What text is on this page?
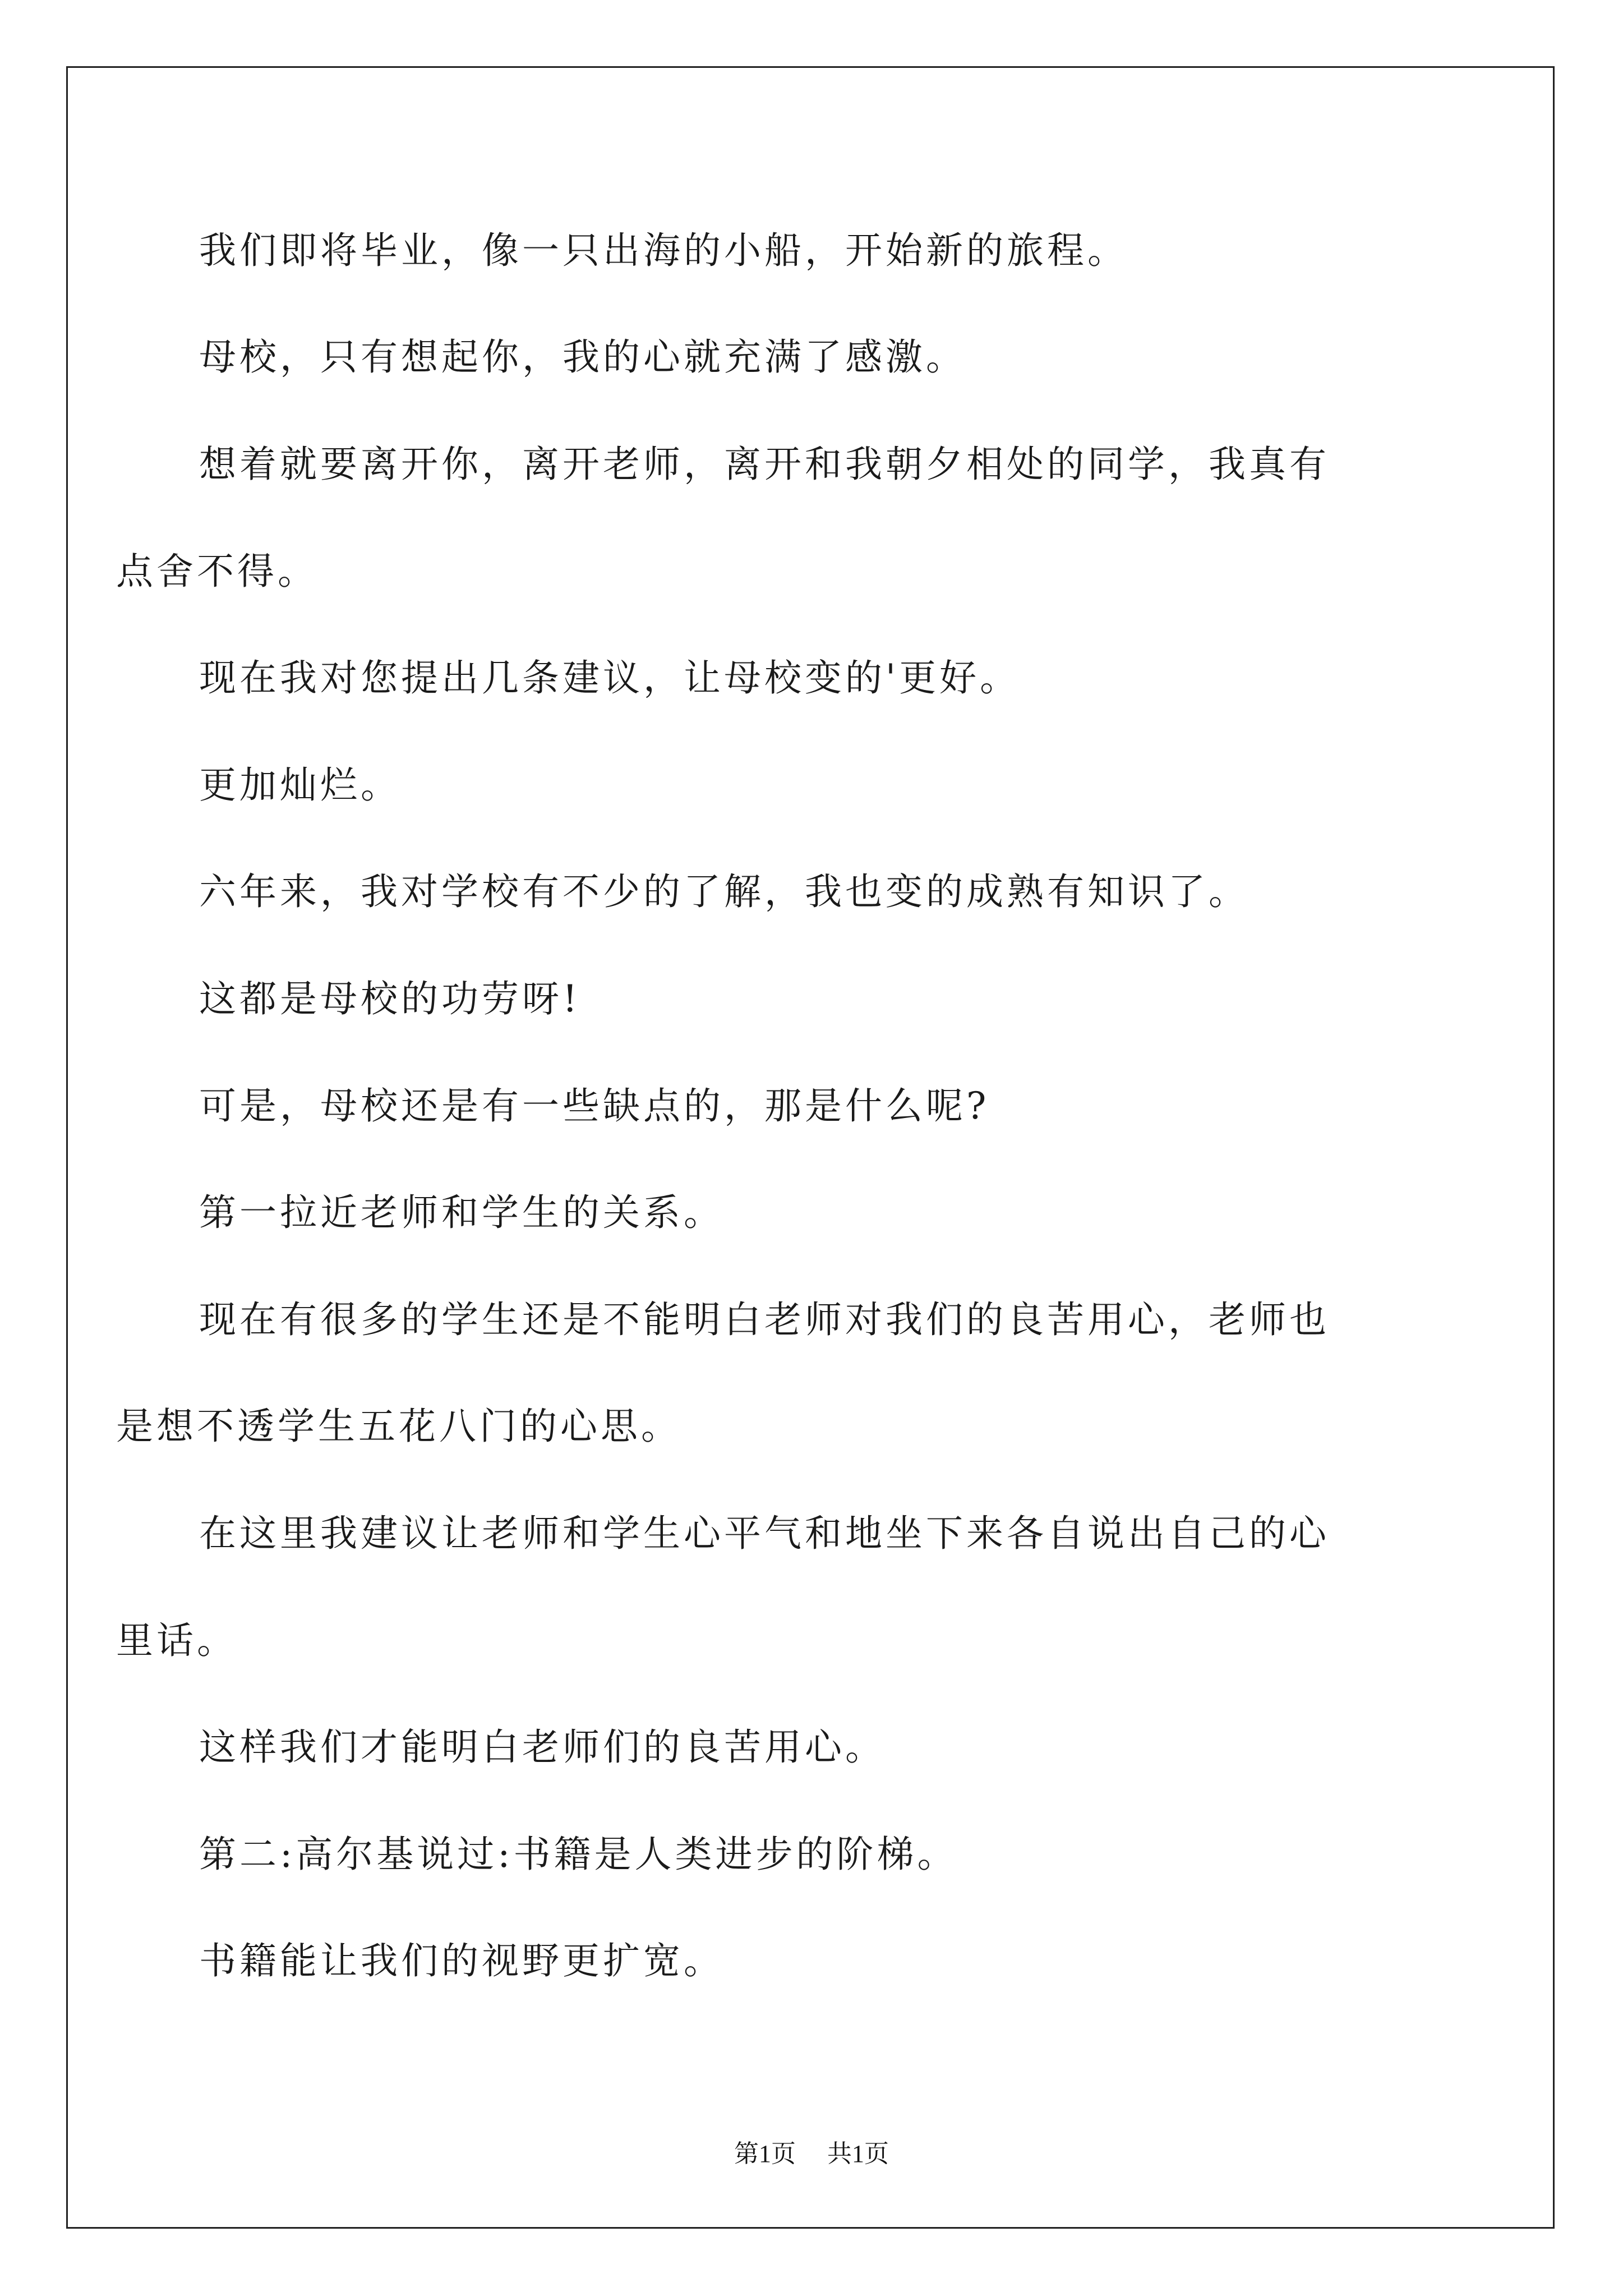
我们即将毕业，像一只出海的小船，开始新的旅程。
母校，只有想起你，我的心就充满了感激。
想着就要离开你，离开老师，离开和我朝夕相处的同学，我真有
点舍不得。
现在我对您提出几条建议，让母校变的'更好。
更加灿烂。
六年来，我对学校有不少的了解，我也变的成熟有知识了。
这都是母校的功劳呀!
可是，母校还是有一些缺点的，那是什么呢?
第一拉近老师和学生的关系。
现在有很多的学生还是不能明白老师对我们的良苦用心，老师也
是想不透学生五花八门的心思。
在这里我建议让老师和学生心平气和地坐下来各自说出自己的心
里话。
这样我们才能明白老师们的良苦用心。
第二:高尔基说过:书籍是人类进步的阶梯。
书籍能让我们的视野更扩宽。
第1页 共1页
